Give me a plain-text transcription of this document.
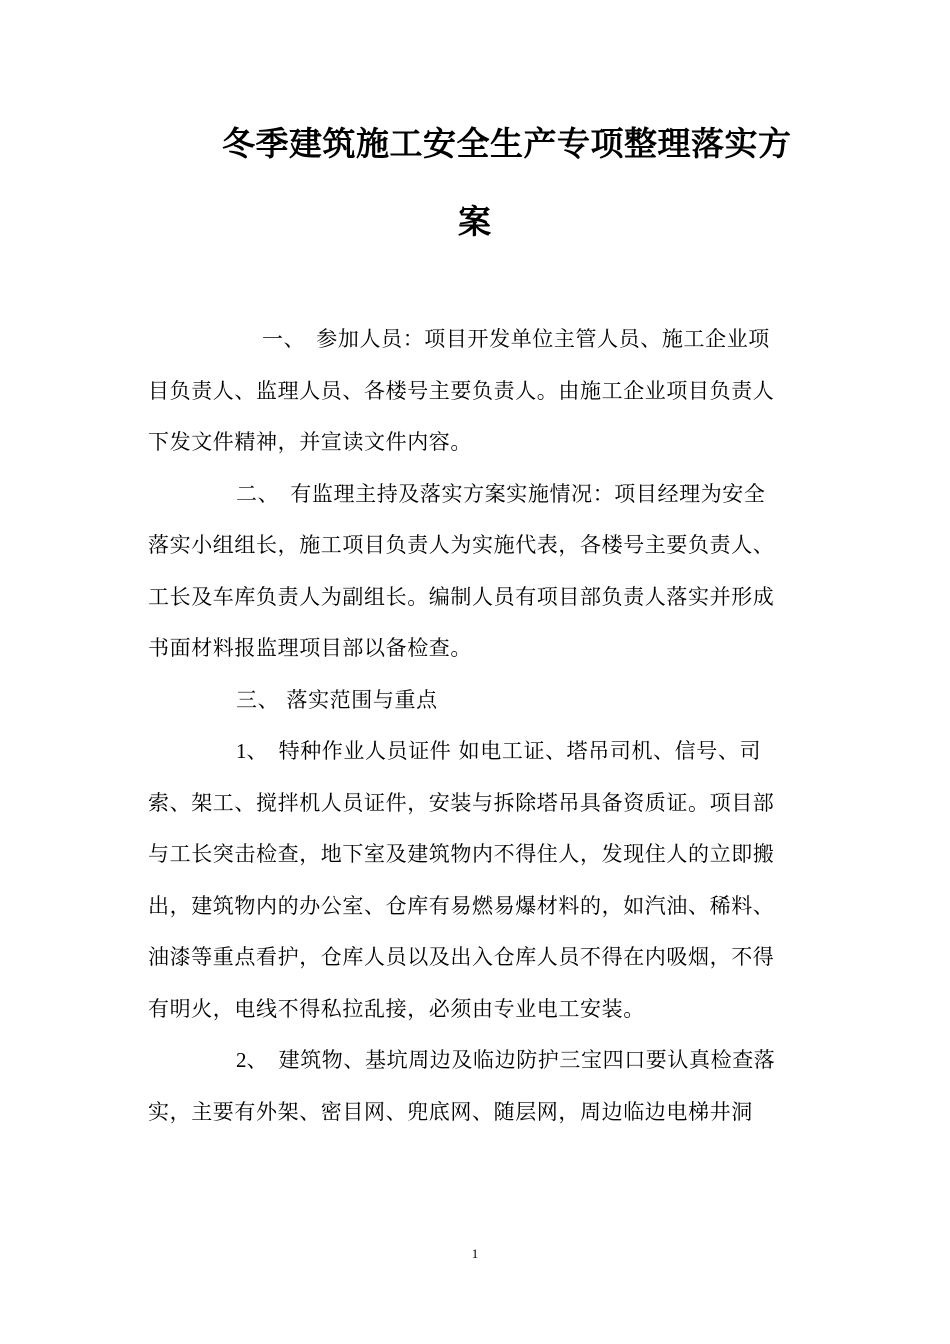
冬季建筑施工安全生产专项整理落实方
案
一、　参加人员：项目开发单位主管人员、施工企业项
目负责人、监理人员、各楼号主要负责人。由施工企业项目负责人
下发文件精神，并宣读文件内容。
二、　有监理主持及落实方案实施情况：项目经理为安全
落实小组组长，施工项目负责人为实施代表，各楼号主要负责人、
工长及车库负责人为副组长。编制人员有项目部负责人落实并形成
书面材料报监理项目部以备检查。
三、 落实范围与重点
1、　特种作业人员证件 如电工证、塔吊司机、信号、司
索、架工、搅拌机人员证件，安装与拆除塔吊具备资质证。项目部
与工长突击检查，地下室及建筑物内不得住人，发现住人的立即搬
出，建筑物内的办公室、仓库有易燃易爆材料的，如汽油、稀料、
油漆等重点看护，仓库人员以及出入仓库人员不得在内吸烟，不得
有明火，电线不得私拉乱接，必须由专业电工安装。
2、　建筑物、基坑周边及临边防护三宝四口要认真检查落
实，主要有外架、密目网、兜底网、随层网，周边临边电梯井洞
1
